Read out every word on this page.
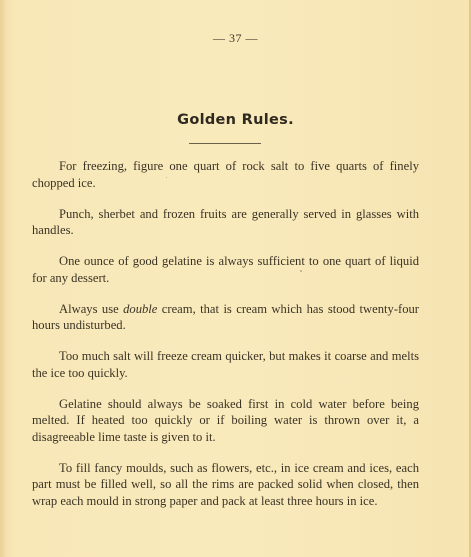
— 37 —
Golden Rules.

For freezing, figure one quart of rock salt to five quarts of finely chopped ice.

Punch, sherbet and frozen fruits are generally served in glasses with handles.

One ounce of good gelatine is always sufficient to one quart of liquid for any dessert.

Always use double cream, that is cream which has stood twenty-four hours undisturbed.

Too much salt will freeze cream quicker, but makes it coarse and melts the ice too quickly.

Gelatine should always be soaked first in cold water before being melted. If heated too quickly or if boiling water is thrown over it, a disagreeable lime taste is given to it.

To fill fancy moulds, such as flowers, etc., in ice cream and ices, each part must be filled well, so all the rims are packed solid when closed, then wrap each mould in strong paper and pack at least three hours in ice.
